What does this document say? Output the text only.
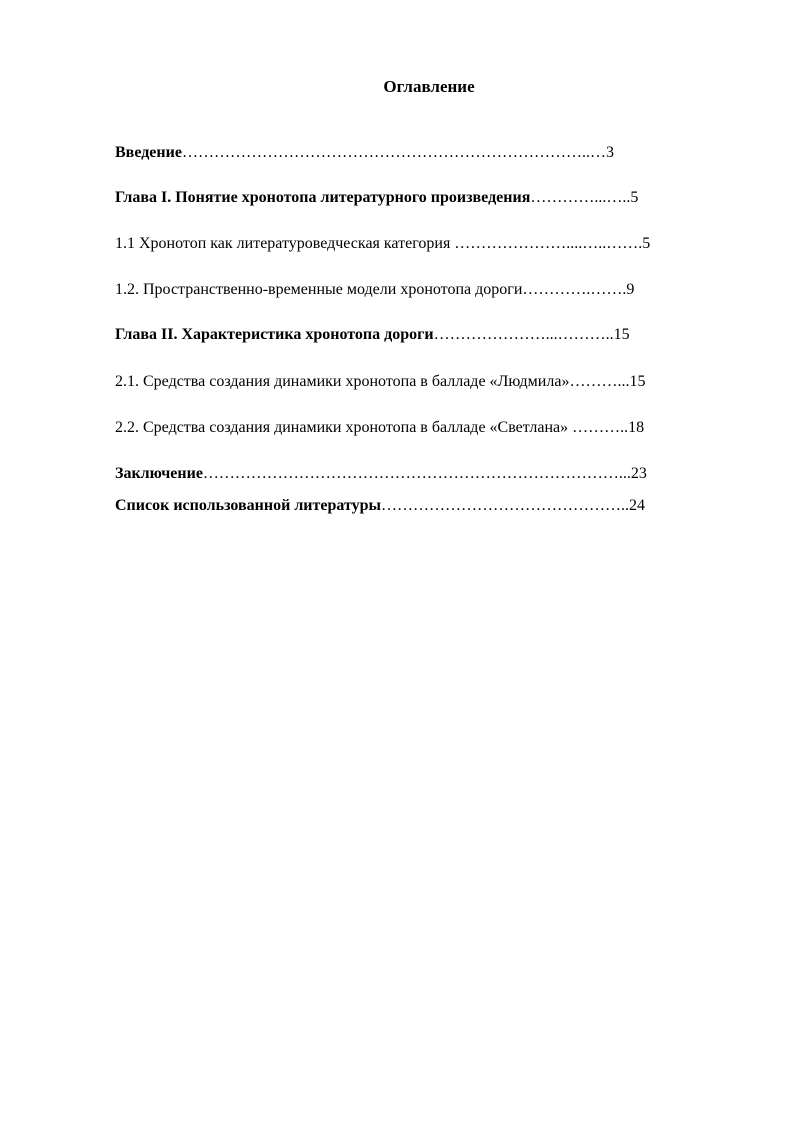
Оглавление
Введение…………………………………………………………………..…3
Глава I. Понятие хронотопа литературного произведения…………...…..5
1.1 Хронотоп как литературоведческая категория …………………....…..…….5
1.2. Пространственно-временные модели хронотопа дороги………….…….9
Глава II. Характеристика хронотопа дороги…………………...………..15
2.1. Средства создания динамики хронотопа в балладе «Людмила»………...15
2.2. Средства создания динамики хронотопа в балладе «Светлана» ………..18
Заключение……………………………………………………………………...23
Список использованной литературы………………………………………..24
